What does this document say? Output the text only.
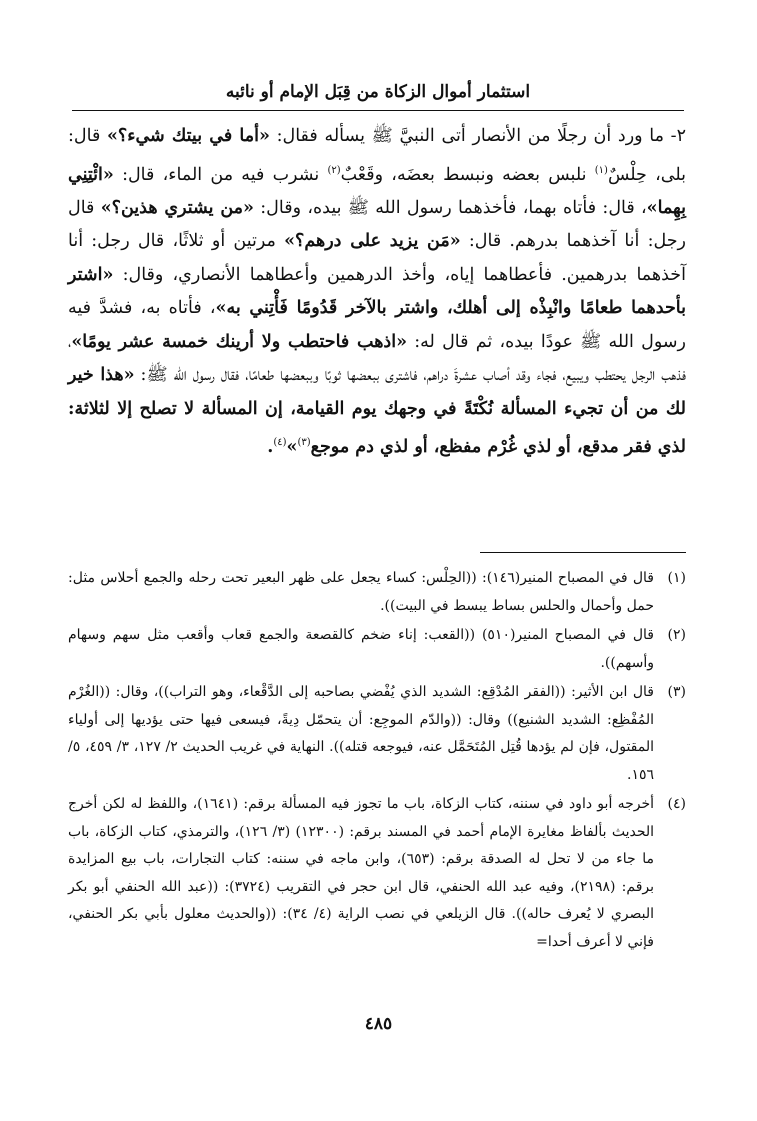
استثمار أموال الزكاة من قِبَل الإمام أو نائبه

٢- ما ورد أن رجلًا من الأنصار أتى النبيَّ ﷺ يسأله فقال: «أما في بيتك شيء؟» قال: بلى، حِلْسٌ$^{(١)}$ نلبس بعضه ونبسط بعضَه، وقَعْبٌ$^{(٢)}$ نشرب فيه من الماء، قال: «ائْتِنِي بِهِما»، قال: فأتاه بهما، فأخذهما رسول الله ﷺ بيده، وقال: «من يشتري هذين؟» قال رجل: أنا آخذهما بدرهم. قال: «مَن يزيد على درهم؟» مرتين أو ثلاثًا، قال رجل: أنا آخذهما بدرهمين. فأعطاهما إياه، وأخذ الدرهمين وأعطاهما الأنصاري، وقال: «اشتر بأحدهما طعامًا وانْبِذْه إلى أهلك، واشتر بالآخر قَدُومًا فَأْتِني به»، فأتاه به، فشدَّ فيه رسول الله ﷺ عودًا بيده، ثم قال له: «اذهب فاحتطب ولا أرينك خمسة عشر يومًا»، فذهب الرجل يحتطب ويبيع، فجاء وقد أصاب عشرةَ دراهم، فاشترى ببعضها ثوبًا وببعضها طعامًا، فقال رسول الله ﷺ: «هذا خير لك من أن تجيء المسألة نُكْتَةً في وجهك يوم القيامة، إن المسألة لا تصلح إلا لثلاثة: لذي فقر مدقع، أو لذي غُرْم مفظع، أو لذي دم موجع$^{(٣)}$»$^{(٤)}$.

(١)
قال في المصباح المنير(١٤٦): ((الحِلْس: كساء يجعل على ظهر البعير تحت رحله والجمع أحلاس مثل: حمل وأحمال والحلس بساط يبسط في البيت)).
(٢)
قال في المصباح المنير(٥١٠) ((القعب: إناء ضخم كالقصعة والجمع قعاب وأقعب مثل سهم وسهام وأسهم)).
(٣)
قال ابن الأثير: ((الفقر المُدْقِع: الشديد الذي يُفْضي بصاحبه إلى الدَّقْعاء، وهو التراب))، وقال: ((الغُرْم المُفْظِع: الشديد الشنيع)) وقال: ((والدّم الموجِع: أن يتحمّل دِيةً، فيسعى فيها حتى يؤديها إلى أولياء المقتول، فإن لم يؤدها قُتِل المُتَحَمَّل عنه، فيوجعه قتله)). النهاية في غريب الحديث ٢/ ١٢٧، ٣/ ٤٥٩، ٥/ ١٥٦.
(٤)
أخرجه أبو داود في سننه، كتاب الزكاة، باب ما تجوز فيه المسألة برقم: (١٦٤١)، واللفظ له لكن أخرج الحديث بألفاظ مغايرة الإمام أحمد في المسند برقم: (١٢٣٠٠) (٣/ ١٢٦)، والترمذي، كتاب الزكاة، باب ما جاء من لا تحل له الصدقة برقم: (٦٥٣)، وابن ماجه في سننه: كتاب التجارات، باب بيع المزايدة برقم: (٢١٩٨)، وفيه عبد الله الحنفي، قال ابن حجر في التقريب (٣٧٢٤): ((عبد الله الحنفي أبو بكر البصري لا يُعرف حاله)). قال الزيلعي في نصب الراية (٤/ ٣٤): ((والحديث معلول بأبي بكر الحنفي، فإني لا أعرف أحدا=
٤٨٥
